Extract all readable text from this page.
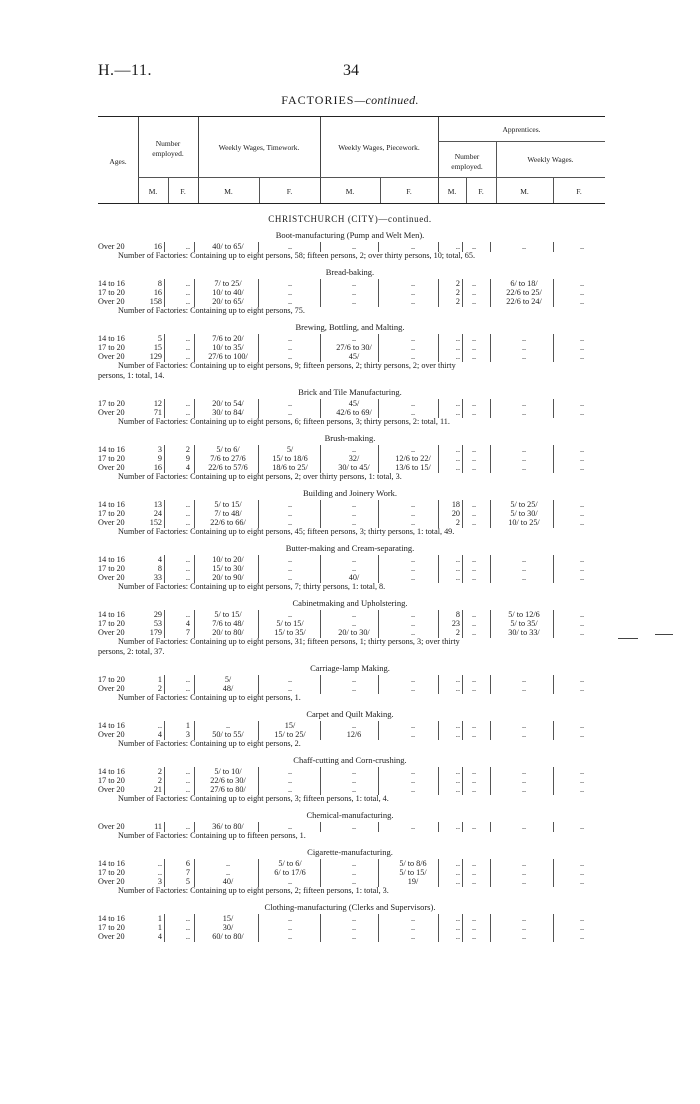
H.—11.	34
FACTORIES—continued.
Ages.
Number employed.
Weekly Wages, Timework.	Weekly Wages, Piecework.
Apprentices.
Number employed.
Weekly Wages.
M.	F.	M.	F.	M.	F.	M.	F.	M.	F.
CHRISTCHURCH (CITY)—continued.
Boot-manufacturing (Pump and Welt Men).
Over 20	16	..	40/ to 65/	..	..	..	..	..	..	..
Number of Factories: Containing up to eight persons, 58; fifteen persons, 2; over thirty persons, 10; total, 65.
Bread-baking.
14 to 16	8	..	7/ to 25/	..	..	..	2	..	6/ to 18/	..
17 to 20	16	..	10/ to 40/	..	..	..	2	..	22/6 to 25/	..
Over 20	158	..	20/ to 65/	..	..	..	2	..	22/6 to 24/	..
Number of Factories: Containing up to eight persons, 75.
Brewing, Bottling, and Malting.
14 to 16	5	..	7/6 to 20/	..	..	..	..	..	..	..
17 to 20	15	..	10/ to 35/	..	27/6 to 30/	..	..	..	..	..
Over 20	129	..	27/6 to 100/	..	45/	..	..	..	..	..
Number of Factories: Containing up to eight persons, 9; fifteen persons, 2; thirty persons, 2; over thirty
persons, 1: total, 14.
Brick and Tile Manufacturing.
17 to 20	12	..	20/ to 54/	..	45/	..	..	..	..	..
Over 20	71	..	30/ to 84/	..	42/6 to 69/	..	..	..	..	..
Number of Factories: Containing up to eight persons, 6; fifteen persons, 3; thirty persons, 2: total, 11.
Brush-making.
14 to 16	3	2	5/ to 6/	5/	..	..	..	..	..	..
17 to 20	9	9	7/6 to 27/6	15/ to 18/6	32/	12/6 to 22/	..	..	..	..
Over 20	16	4	22/6 to 57/6	18/6 to 25/	30/ to 45/	13/6 to 15/	..	..	..	..
Number of Factories: Containing up to eight persons, 2; over thirty persons, 1: total, 3.
Building and Joinery Work.
14 to 16	13	..	5/ to 15/	..	..	..	18	..	5/ to 25/	..
17 to 20	24	..	7/ to 48/	..	..	..	20	..	5/ to 30/	..
Over 20	152	..	22/6 to 66/	..	..	..	2	..	10/ to 25/	..
Number of Factories: Containing up to eight persons, 45; fifteen persons, 3; thirty persons, 1: total, 49.
Butter-making and Cream-separating.
14 to 16	4	..	10/ to 20/	..	..	..	..	..	..	..
17 to 20	8	..	15/ to 30/	..	..	..	..	..	..	..
Over 20	33	..	20/ to 90/	..	40/	..	..	..	..	..
Number of Factories: Containing up to eight persons, 7; thirty persons, 1: total, 8.
Cabinetmaking and Upholstering.
14 to 16	29	..	5/ to 15/	..	..	..	8	..	5/ to 12/6	..
17 to 20	53	4	7/6 to 48/	5/ to 15/	..	..	23	..	5/ to 35/	..
Over 20	179	7	20/ to 80/	15/ to 35/	20/ to 30/	..	2	..	30/ to 33/	..
Number of Factories: Containing up to eight persons, 31; fifteen persons, 1; thirty persons, 3; over thirty
persons, 2: total, 37.
Carriage-lamp Making.
17 to 20	1	..	5/	..	..	..	..	..	..	..
Over 20	2	..	48/	..	..	..	..	..	..	..
Number of Factories: Containing up to eight persons, 1.
Carpet and Quilt Making.
14 to 16	..	1	..	15/	..	..	..	..	..	..
Over 20	4	3	50/ to 55/	15/ to 25/	12/6	..	..	..	..	..
Number of Factories: Containing up to eight persons, 2.
Chaff-cutting and Corn-crushing.
14 to 16	2	..	5/ to 10/	..	..	..	..	..	..	..
17 to 20	2	..	22/6 to 30/	..	..	..	..	..	..	..
Over 20	21	..	27/6 to 80/	..	..	..	..	..	..	..
Number of Factories: Containing up to eight persons, 3; fifteen persons, 1: total, 4.
Chemical-manufacturing.
Over 20	11	..	36/ to 80/	..	..	..	..	..	..	..
Number of Factories: Containing up to fifteen persons, 1.
Cigarette-manufacturing.
14 to 16	..	6	..	5/ to 6/	..	5/ to 8/6	..	..	..	..
17 to 20	..	7	..	6/ to 17/6	..	5/ to 15/	..	..	..	..
Over 20	3	5	40/	..	..	19/	..	..	..	..
Number of Factories: Containing up to eight persons, 2; fifteen persons, 1: total, 3.
Clothing-manufacturing (Clerks and Supervisors).
14 to 16	1	..	15/	..	..	..	..	..	..	..
17 to 20	1	..	30/	..	..	..	..	..	..	..
Over 20	4	..	60/ to 80/	..	..	..	..	..	..	..
